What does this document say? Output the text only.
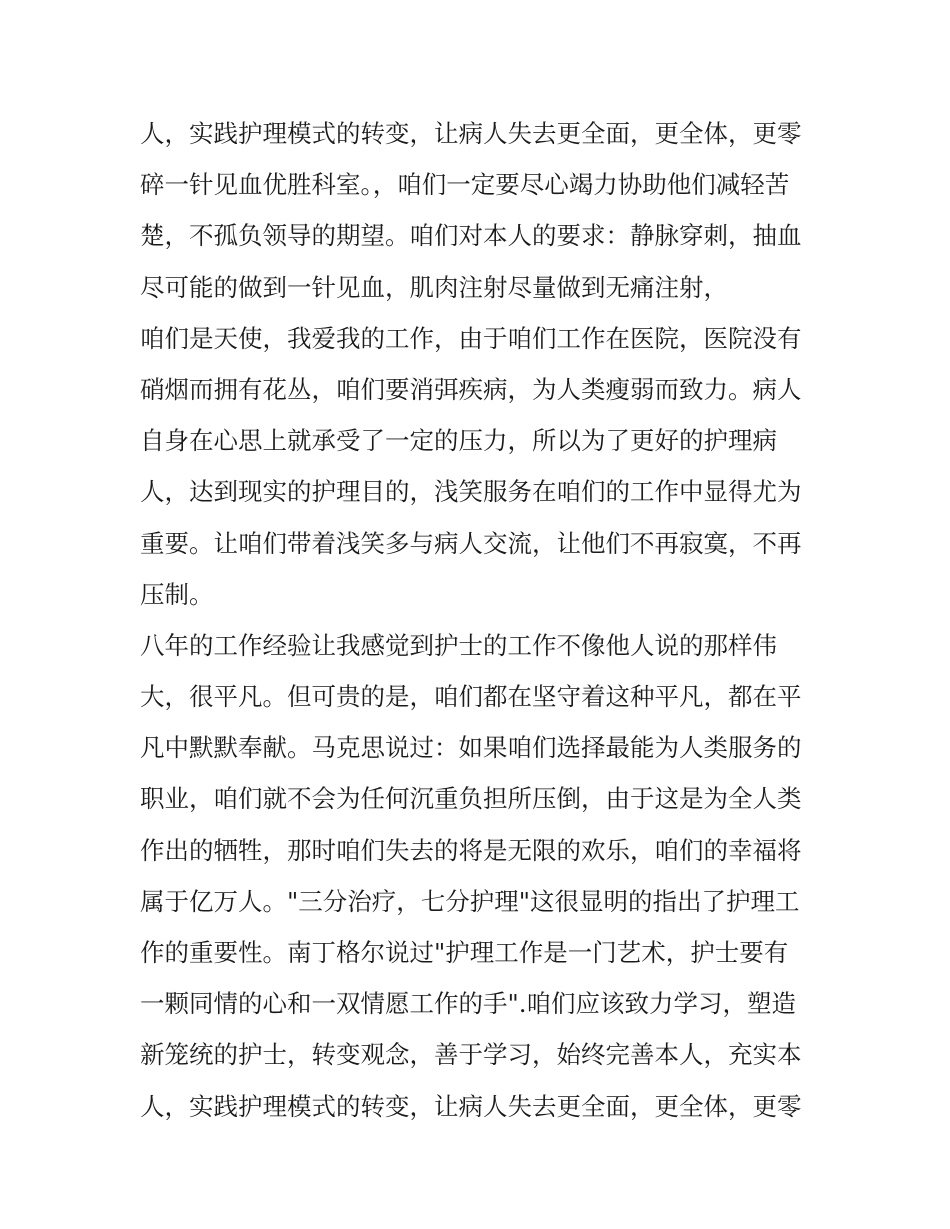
人，实践护理模式的转变，让病人失去更全面，更全体，更零
碎一针见血优胜科室。，咱们一定要尽心竭力协助他们减轻苦
楚，不孤负领导的期望。咱们对本人的要求：静脉穿刺，抽血
尽可能的做到一针见血，肌肉注射尽量做到无痛注射，
咱们是天使，我爱我的工作，由于咱们工作在医院，医院没有
硝烟而拥有花丛，咱们要消弭疾病，为人类瘦弱而致力。病人
自身在心思上就承受了一定的压力，所以为了更好的护理病
人，达到现实的护理目的，浅笑服务在咱们的工作中显得尤为
重要。让咱们带着浅笑多与病人交流，让他们不再寂寞，不再
压制。
八年的工作经验让我感觉到护士的工作不像他人说的那样伟
大，很平凡。但可贵的是，咱们都在坚守着这种平凡，都在平
凡中默默奉献。马克思说过：如果咱们选择最能为人类服务的
职业，咱们就不会为任何沉重负担所压倒，由于这是为全人类
作出的牺牲，那时咱们失去的将是无限的欢乐，咱们的幸福将
属于亿万人。"三分治疗，七分护理"这很显明的指出了护理工
作的重要性。南丁格尔说过"护理工作是一门艺术，护士要有
一颗同情的心和一双情愿工作的手".咱们应该致力学习，塑造
新笼统的护士，转变观念，善于学习，始终完善本人，充实本
人，实践护理模式的转变，让病人失去更全面，更全体，更零
